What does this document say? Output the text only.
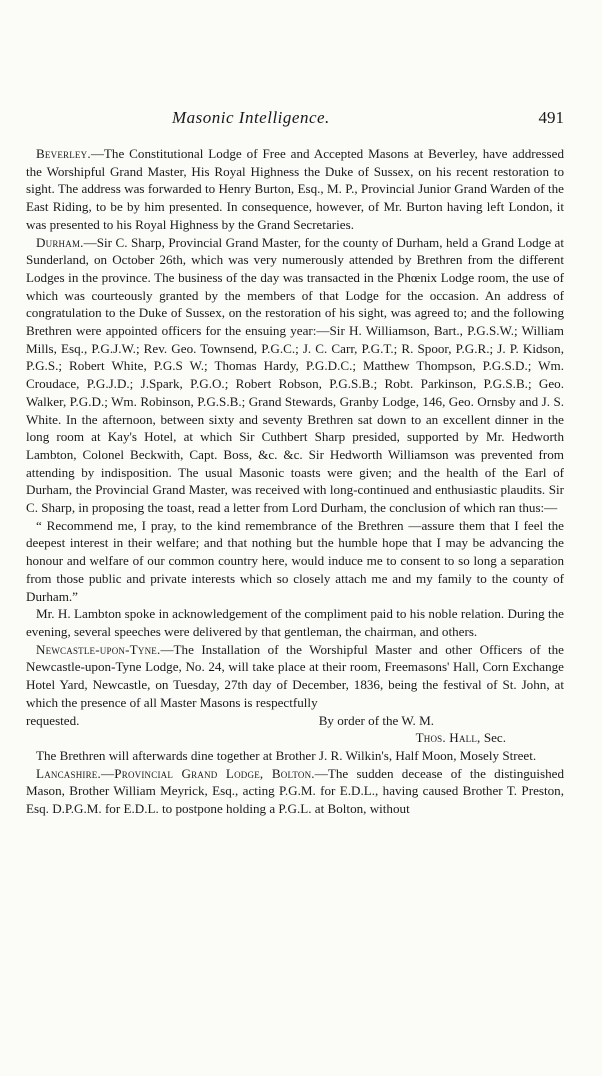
Masonic Intelligence.	491

Beverley.—The Constitutional Lodge of Free and Accepted Masons at Beverley, have addressed the Worshipful Grand Master, His Royal Highness the Duke of Sussex, on his recent restoration to sight. The address was forwarded to Henry Burton, Esq., M. P., Provincial Junior Grand Warden of the East Riding, to be by him presented. In consequence, however, of Mr. Burton having left London, it was presented to his Royal Highness by the Grand Secretaries.

Durham.—Sir C. Sharp, Provincial Grand Master, for the county of Durham, held a Grand Lodge at Sunderland, on October 26th, which was very numerously attended by Brethren from the different Lodges in the province. The business of the day was transacted in the Phœnix Lodge room, the use of which was courteously granted by the members of that Lodge for the occasion. An address of congratulation to the Duke of Sussex, on the restoration of his sight, was agreed to; and the following Brethren were appointed officers for the ensuing year:—Sir H. Williamson, Bart., P.G.S.W.; William Mills, Esq., P.G.J.W.; Rev. Geo. Townsend, P.G.C.; J. C. Carr, P.G.T.; R. Spoor, P.G.R.; J. P. Kidson, P.G.S.; Robert White, P.G.S W.; Thomas Hardy, P.G.D.C.; Matthew Thompson, P.G.S.D.; Wm. Croudace, P.G.J.D.; J.Spark, P.G.O.; Robert Robson, P.G.S.B.; Robt. Parkinson, P.G.S.B.; Geo. Walker, P.G.D.; Wm. Robinson, P.G.S.B.; Grand Stewards, Granby Lodge, 146, Geo. Ornsby and J. S. White. In the afternoon, between sixty and seventy Brethren sat down to an excellent dinner in the long room at Kay's Hotel, at which Sir Cuthbert Sharp presided, supported by Mr. Hedworth Lambton, Colonel Beckwith, Capt. Boss, &c. &c. Sir Hedworth Williamson was prevented from attending by indisposition. The usual Masonic toasts were given; and the health of the Earl of Durham, the Provincial Grand Master, was received with long-continued and enthusiastic plaudits. Sir C. Sharp, in proposing the toast, read a letter from Lord Durham, the conclusion of which ran thus:—

“ Recommend me, I pray, to the kind remembrance of the Brethren —assure them that I feel the deepest interest in their welfare; and that nothing but the humble hope that I may be advancing the honour and welfare of our common country here, would induce me to consent to so long a separation from those public and private interests which so closely attach me and my family to the county of Durham.”

Mr. H. Lambton spoke in acknowledgement of the compliment paid to his noble relation. During the evening, several speeches were delivered by that gentleman, the chairman, and others.

Newcastle-upon-Tyne.—The Installation of the Worshipful Master and other Officers of the Newcastle-upon-Tyne Lodge, No. 24, will take place at their room, Freemasons' Hall, Corn Exchange Hotel Yard, Newcastle, on Tuesday, 27th day of December, 1836, being the festival of St. John, at which the presence of all Master Masons is respectfully

requested.	By order of the W. M.
Thos. Hall, Sec.

The Brethren will afterwards dine together at Brother J. R. Wilkin's, Half Moon, Mosely Street.

Lancashire.—Provincial Grand Lodge, Bolton.—The sudden decease of the distinguished Mason, Brother William Meyrick, Esq., acting P.G.M. for E.D.L., having caused Brother T. Preston, Esq. D.P.G.M. for E.D.L. to postpone holding a P.G.L. at Bolton, without
